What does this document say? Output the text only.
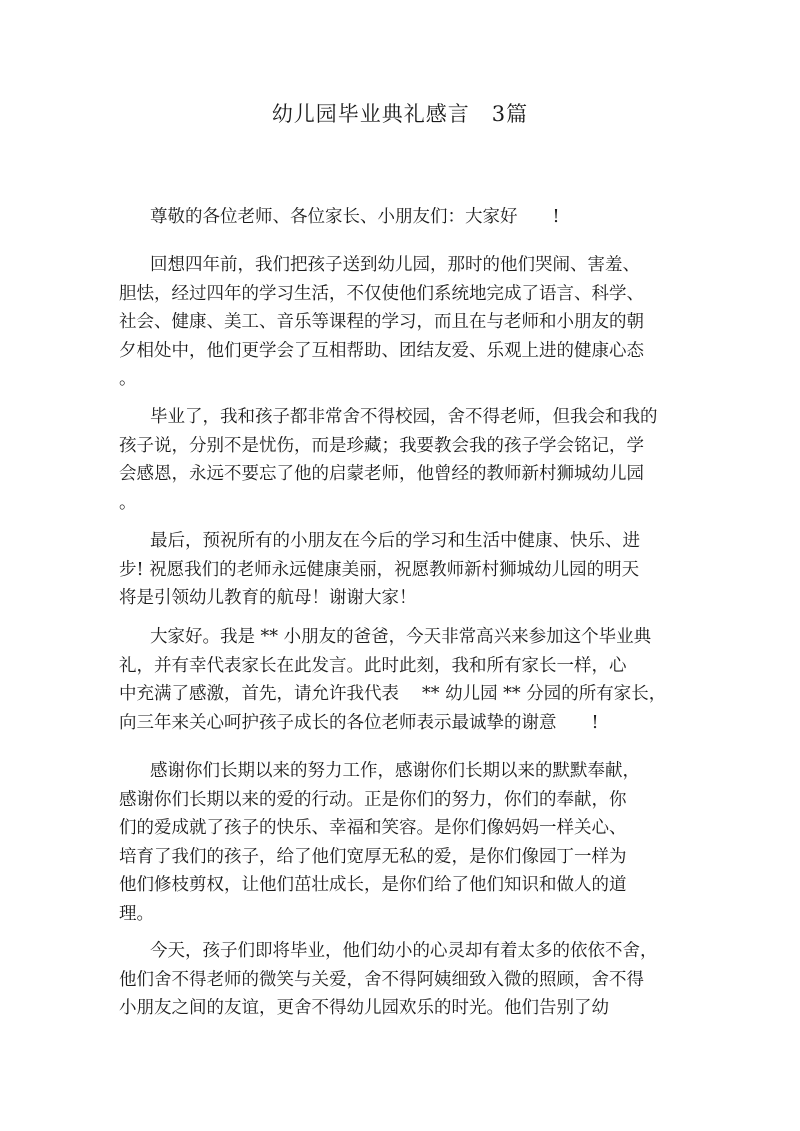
幼儿园毕业典礼感言　3篇
尊敬的各位老师、各位家长、小朋友们：大家好　　!
回想四年前，我们把孩子送到幼儿园，那时的他们哭闹、害羞、
胆怯，经过四年的学习生活，不仅使他们系统地完成了语言、科学、
社会、健康、美工、音乐等课程的学习，而且在与老师和小朋友的朝
夕相处中，他们更学会了互相帮助、团结友爱、乐观上进的健康心态
。
毕业了，我和孩子都非常舍不得校园，舍不得老师，但我会和我的
孩子说，分别不是忧伤，而是珍藏；我要教会我的孩子学会铭记，学
会感恩，永远不要忘了他的启蒙老师，他曾经的教师新村狮城幼儿园
。
最后，预祝所有的小朋友在今后的学习和生活中健康、快乐、进
步! 祝愿我们的老师永远健康美丽，祝愿教师新村狮城幼儿园的明天
将是引领幼儿教育的航母！谢谢大家！
大家好。我是 ** 小朋友的爸爸，今天非常高兴来参加这个毕业典
礼，并有幸代表家长在此发言。此时此刻，我和所有家长一样，心
中充满了感激，首先，请允许我代表　 ** 幼儿园 ** 分园的所有家长，
向三年来关心呵护孩子成长的各位老师表示最诚挚的谢意　　!
感谢你们长期以来的努力工作，感谢你们长期以来的默默奉献，
感谢你们长期以来的爱的行动。正是你们的努力，你们的奉献，你
们的爱成就了孩子的快乐、幸福和笑容。是你们像妈妈一样关心、
培育了我们的孩子，给了他们宽厚无私的爱，是你们像园丁一样为
他们修枝剪权，让他们茁壮成长，是你们给了他们知识和做人的道
理。
今天，孩子们即将毕业，他们幼小的心灵却有着太多的依依不舍，
他们舍不得老师的微笑与关爱，舍不得阿姨细致入微的照顾，舍不得
小朋友之间的友谊，更舍不得幼儿园欢乐的时光。他们告别了幼
